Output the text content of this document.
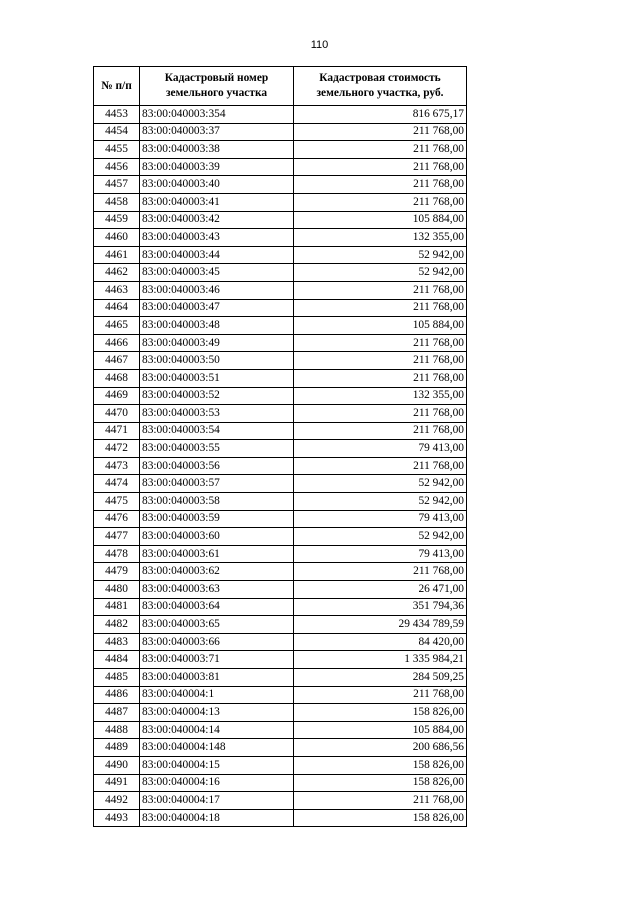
110
№ п/п	Кадастровый номер земельного участка	Кадастровая стоимость земельного участка, руб.
4453	83:00:040003:354	816 675,17
4454	83:00:040003:37	211 768,00
4455	83:00:040003:38	211 768,00
4456	83:00:040003:39	211 768,00
4457	83:00:040003:40	211 768,00
4458	83:00:040003:41	211 768,00
4459	83:00:040003:42	105 884,00
4460	83:00:040003:43	132 355,00
4461	83:00:040003:44	52 942,00
4462	83:00:040003:45	52 942,00
4463	83:00:040003:46	211 768,00
4464	83:00:040003:47	211 768,00
4465	83:00:040003:48	105 884,00
4466	83:00:040003:49	211 768,00
4467	83:00:040003:50	211 768,00
4468	83:00:040003:51	211 768,00
4469	83:00:040003:52	132 355,00
4470	83:00:040003:53	211 768,00
4471	83:00:040003:54	211 768,00
4472	83:00:040003:55	79 413,00
4473	83:00:040003:56	211 768,00
4474	83:00:040003:57	52 942,00
4475	83:00:040003:58	52 942,00
4476	83:00:040003:59	79 413,00
4477	83:00:040003:60	52 942,00
4478	83:00:040003:61	79 413,00
4479	83:00:040003:62	211 768,00
4480	83:00:040003:63	26 471,00
4481	83:00:040003:64	351 794,36
4482	83:00:040003:65	29 434 789,59
4483	83:00:040003:66	84 420,00
4484	83:00:040003:71	1 335 984,21
4485	83:00:040003:81	284 509,25
4486	83:00:040004:1	211 768,00
4487	83:00:040004:13	158 826,00
4488	83:00:040004:14	105 884,00
4489	83:00:040004:148	200 686,56
4490	83:00:040004:15	158 826,00
4491	83:00:040004:16	158 826,00
4492	83:00:040004:17	211 768,00
4493	83:00:040004:18	158 826,00
